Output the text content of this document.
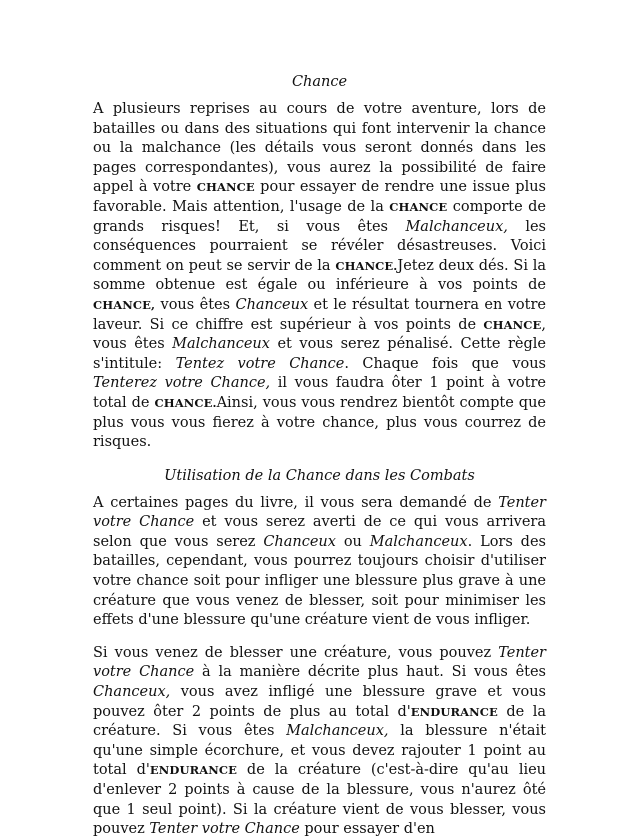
Chance

A plusieurs reprises au cours de votre aventure, lors de batailles ou dans des situations qui font intervenir la chance ou la malchance (les détails vous seront donnés dans les pages correspondantes), vous aurez la possibilité de faire appel à votre CHANCE pour essayer de rendre une issue plus favorable. Mais attention, l'usage de la CHANCE comporte de grands risques! Et, si vous êtes Malchanceux, les conséquences pourraient se révéler désastreuses. Voici comment on peut se servir de la CHANCE.Jetez deux dés. Si la somme obtenue est égale ou inférieure à vos points de CHANCE, vous êtes Chanceux et le résultat tournera en votre laveur. Si ce chiffre est supérieur à vos points de CHANCE, vous êtes Malchanceux et vous serez pénalisé. Cette règle s'intitule: Tentez votre Chance. Chaque fois que vous Tenterez votre Chance, il vous faudra ôter 1 point à votre total de CHANCE.Ainsi, vous vous rendrez bientôt compte que plus vous vous fierez à votre chance, plus vous courrez de risques.

Utilisation de la Chance dans les Combats

A certaines pages du livre, il vous sera demandé de Tenter votre Chance et vous serez averti de ce qui vous arrivera selon que vous serez Chanceux ou Malchanceux. Lors des batailles, cependant, vous pourrez toujours choisir d'utiliser votre chance soit pour infliger une blessure plus grave à une créature que vous venez de blesser, soit pour minimiser les effets d'une blessure qu'une créature vient de vous infliger.

Si vous venez de blesser une créature, vous pouvez Tenter votre Chance à la manière décrite plus haut. Si vous êtes Chanceux, vous avez infligé une blessure grave et vous pouvez ôter 2 points de plus au total d'ENDURANCE de la créature. Si vous êtes Malchanceux, la blessure n'était qu'une simple écorchure, et vous devez rajouter 1 point au total d'ENDURANCE de la créature (c'est-à-dire qu'au lieu d'enlever 2 points à cause de la blessure, vous n'aurez ôté que 1 seul point). Si la créature vient de vous blesser, vous pouvez Tenter votre Chance pour essayer d'en
